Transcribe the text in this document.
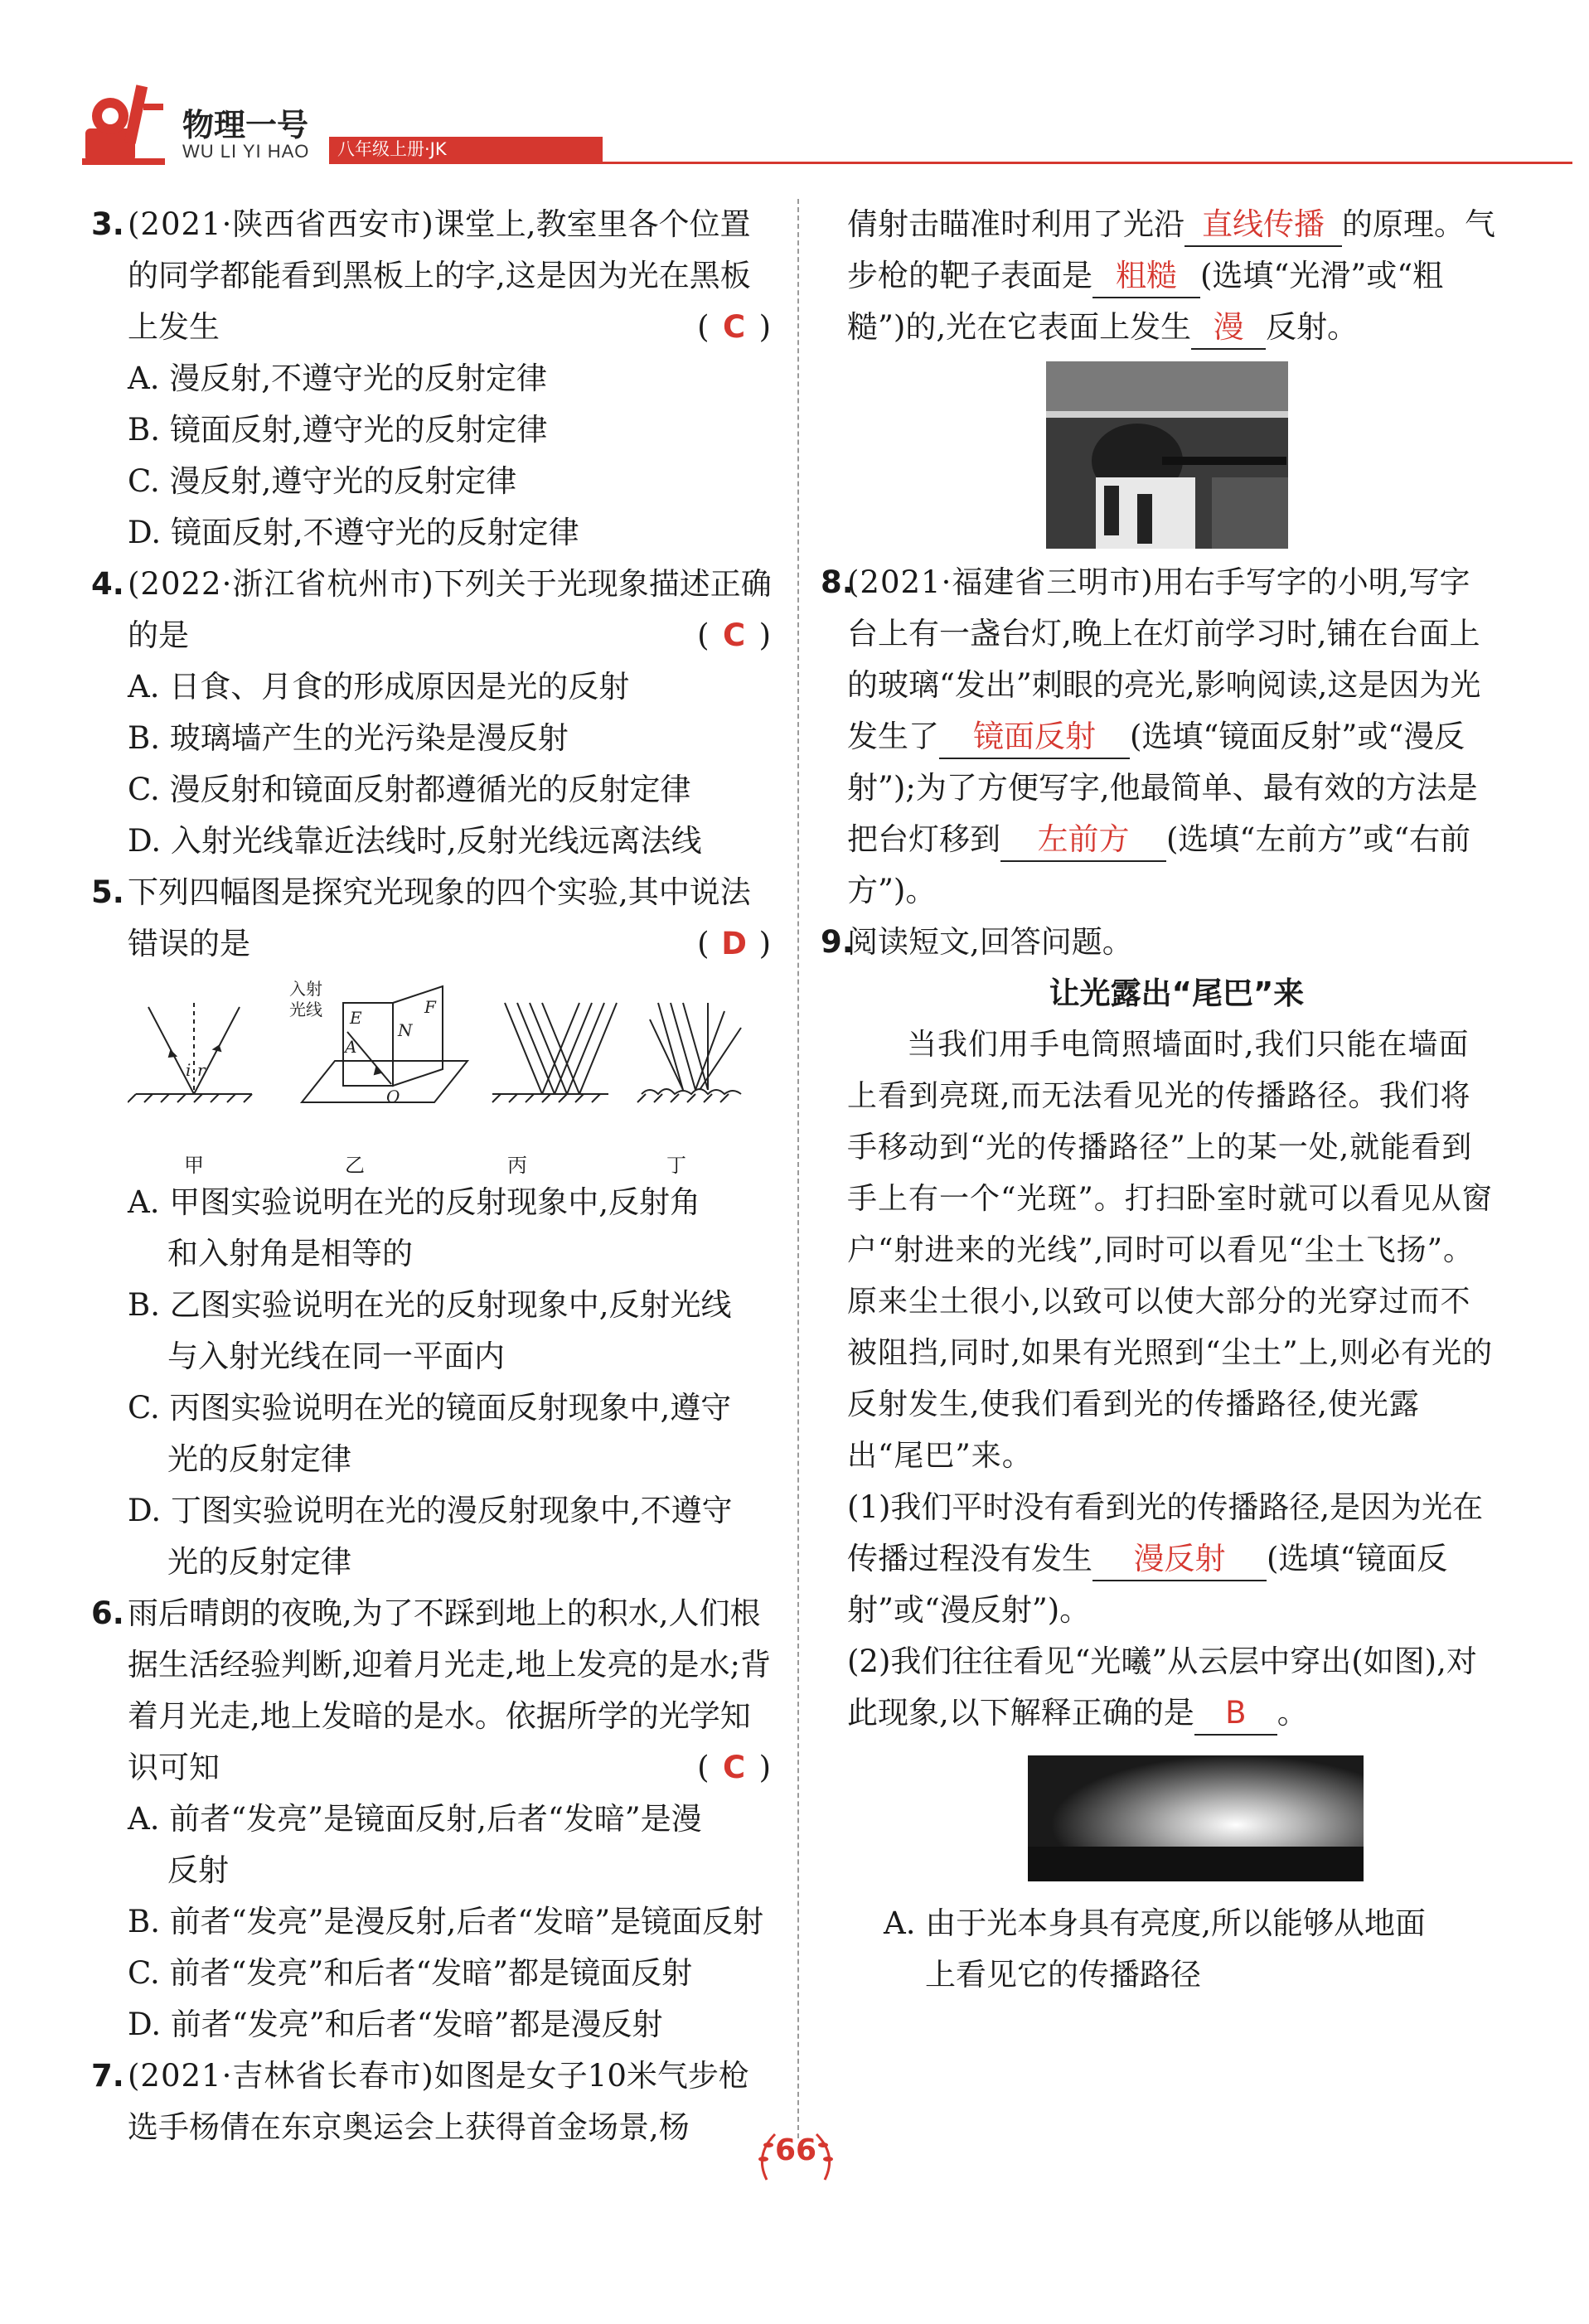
物理一号
WU LI YI HAO	八年级上册·JK
3. (2021·陕西省西安市)课堂上,教室里各个位置的同学都能看到黑板上的字,这是因为光在黑板上发生	( C )
A. 漫反射,不遵守光的反射定律
B. 镜面反射,遵守光的反射定律
C. 漫反射,遵守光的反射定律
D. 镜面反射,不遵守光的反射定律
4. (2022·浙江省杭州市)下列关于光现象描述正确的是	( C )
A. 日食、月食的形成原因是光的反射
B. 玻璃墙产生的光污染是漫反射
C. 漫反射和镜面反射都遵循光的反射定律
D. 入射光线靠近法线时,反射光线远离法线
5. 下列四幅图是探究光现象的四个实验,其中说法错误的是	( D )
i r
入射
光线 E
F
N
A
O
甲	乙	丙	丁
A. 甲图实验说明在光的反射现象中,反射角
和入射角是相等的
B. 乙图实验说明在光的反射现象中,反射光线
与入射光线在同一平面内
C. 丙图实验说明在光的镜面反射现象中,遵守
光的反射定律
D. 丁图实验说明在光的漫反射现象中,不遵守
光的反射定律
6. 雨后晴朗的夜晚,为了不踩到地上的积水,人们根据生活经验判断,迎着月光走,地上发亮的是水;背着月光走,地上发暗的是水。依据所学的光学知识可知	( C )
A. 前者“发亮”是镜面反射,后者“发暗”是漫
反射
B. 前者“发亮”是漫反射,后者“发暗”是镜面反射
C. 前者“发亮”和后者“发暗”都是镜面反射
D. 前者“发亮”和后者“发暗”都是漫反射
7. (2021·吉林省长春市)如图是女子10米气步枪选手杨倩在东京奥运会上获得首金场景,杨
倩射击瞄准时利用了光沿 直线传播 的原理。气步枪的靶子表面是 粗糙 (选填“光滑”或“粗糙”)的,光在它表面上发生 漫 反射。
8.
(2021·福建省三明市)用右手写字的小明,写字台上有一盏台灯,晚上在灯前学习时,铺在台面上的玻璃“发出”刺眼的亮光,影响阅读,这是因为光发生了 镜面反射 (选填“镜面反射”或“漫反射”);为了方便写字,他最简单、最有效的方法是把台灯移到 左前方 (选填“左前方”或“右前方”)。
9.
阅读短文,回答问题。
让光露出“尾巴”来

当我们用手电筒照墙面时,我们只能在墙面上看到亮斑,而无法看见光的传播路径。我们将手移动到“光的传播路径”上的某一处,就能看到手上有一个“光斑”。打扫卧室时就可以看见从窗户“射进来的光线”,同时可以看见“尘土飞扬”。原来尘土很小,以致可以使大部分的光穿过而不被阻挡,同时,如果有光照到“尘土”上,则必有光的反射发生,使我们看到光的传播路径,使光露出“尾巴”来。

(1)我们平时没有看到光的传播路径,是因为光在传播过程没有发生 漫反射 (选填“镜面反射”或“漫反射”)。
(2)我们往往看见“光曦”从云层中穿出(如图),对此现象,以下解释正确的是 B 。
A. 由于光本身具有亮度,所以能够从地面
上看见它的传播路径
66
